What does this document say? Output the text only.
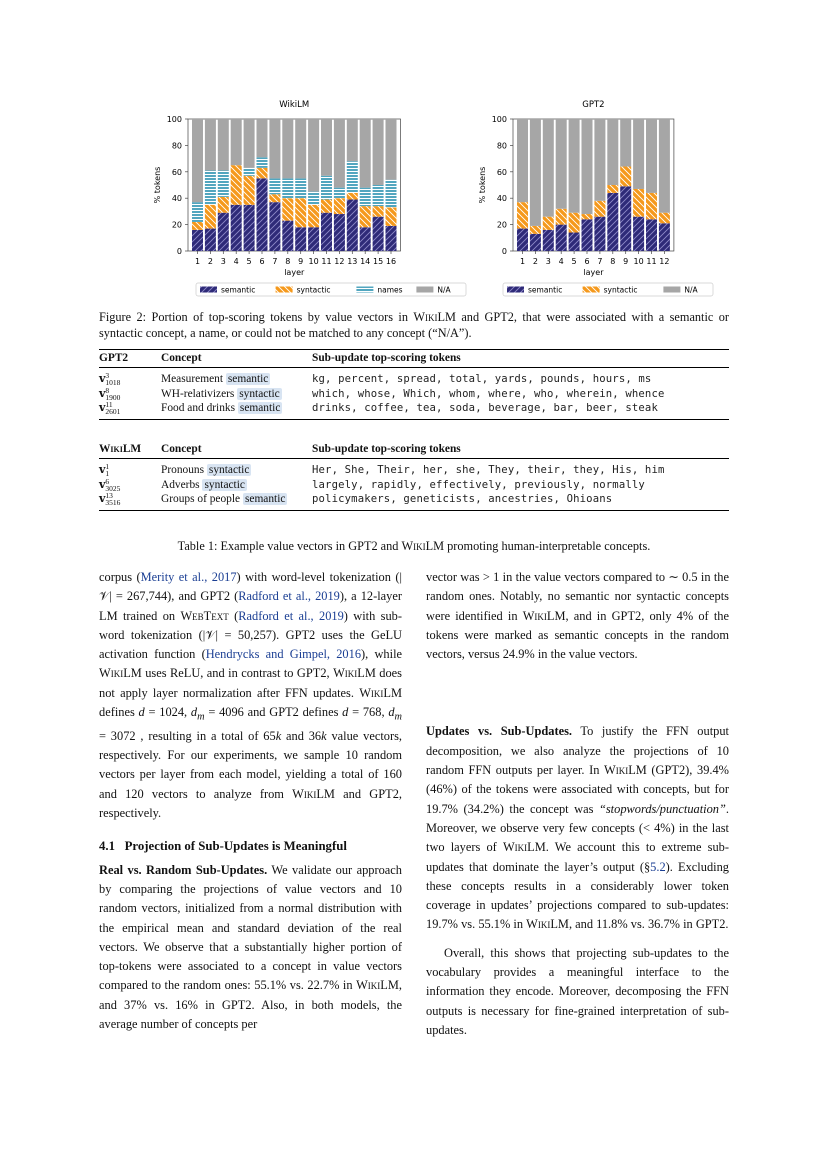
WikiLM
0
20
40
60
80
100
% tokens
1 2 3 4 5 6 7 8 9 10 11 12 13 14 15 16
layer
semantic	syntactic	names	N/A
GPT2
0
20
40
60
80
100
% tokens
1 2 3 4 5 6 7 8 9 10 11 12
layer
semantic	syntactic	N/A
Figure 2: Portion of top-scoring tokens by value vectors in WikiLM and GPT2, that were associated with a semantic or syntactic concept, a name, or could not be matched to any concept (“N/A”).
GPT2	Concept	Sub-update top-scoring tokens
v3
1018	Measurement semantic	kg, percent, spread, total, yards, pounds, hours, ms
v8
1900	WH-relativizers syntactic	which, whose, Which, whom, where, who, wherein, whence
v11
2601	Food and drinks semantic	drinks, coffee, tea, soda, beverage, bar, beer, steak
WikiLM	Concept	Sub-update top-scoring tokens
v1
1	Pronouns syntactic	Her, She, Their, her, she, They, their, they, His, him
v6
3025	Adverbs syntactic	largely, rapidly, effectively, previously, normally
v13
3516	Groups of people semantic	policymakers, geneticists, ancestries, Ohioans
Table 1: Example value vectors in GPT2 and WikiLM promoting human-interpretable concepts.

corpus (Merity et al., 2017) with word-level tokenization (|𝒱| = 267,744), and GPT2 (Radford et al., 2019), a 12-layer LM trained on WebText (Radford et al., 2019) with sub-word tokenization (|𝒱| = 50,257). GPT2 uses the GeLU activation function (Hendrycks and Gimpel, 2016), while WikiLM uses ReLU, and in contrast to GPT2, WikiLM does not apply layer normalization after FFN updates. WikiLM defines d = 1024, $d_m = 4096$ and GPT2 defines d = 768, $d_m = 3072$ , resulting in a total of 65k and 36k value vectors, respectively. For our experiments, we sample 10 random vectors per layer from each model, yielding a total of 160 and 120 vectors to analyze from WikiLM and GPT2, respectively.

4.1   Projection of Sub-Updates is Meaningful

Real vs. Random Sub-Updates. We validate our approach by comparing the projections of value vectors and 10 random vectors, initialized from a normal distribution with the empirical mean and standard deviation of the real vectors. We observe that a substantially higher portion of top-tokens were associated to a concept in value vectors compared to the random ones: 55.1% vs. 22.7% in WikiLM, and 37% vs. 16% in GPT2. Also, in both models, the average number of concepts per

vector was > 1 in the value vectors compared to ∼ 0.5 in the random ones. Notably, no semantic nor syntactic concepts were identified in WikiLM, and in GPT2, only 4% of the tokens were marked as semantic concepts in the random vectors, versus 24.9% in the value vectors.

Updates vs. Sub-Updates. To justify the FFN output decomposition, we also analyze the projections of 10 random FFN outputs per layer. In WikiLM (GPT2), 39.4% (46%) of the tokens were associated with concepts, but for 19.7% (34.2%) the concept was “stopwords/punctuation”. Moreover, we observe very few concepts (< 4%) in the last two layers of WikiLM. We account this to extreme sub-updates that dominate the layer’s output (§5.2). Excluding these concepts results in a considerably lower token coverage in updates’ projections compared to sub-updates: 19.7% vs. 55.1% in WikiLM, and 11.8% vs. 36.7% in GPT2.

Overall, this shows that projecting sub-updates to the vocabulary provides a meaningful interface to the information they encode. Moreover, decomposing the FFN outputs is necessary for fine-grained interpretation of sub-updates.
